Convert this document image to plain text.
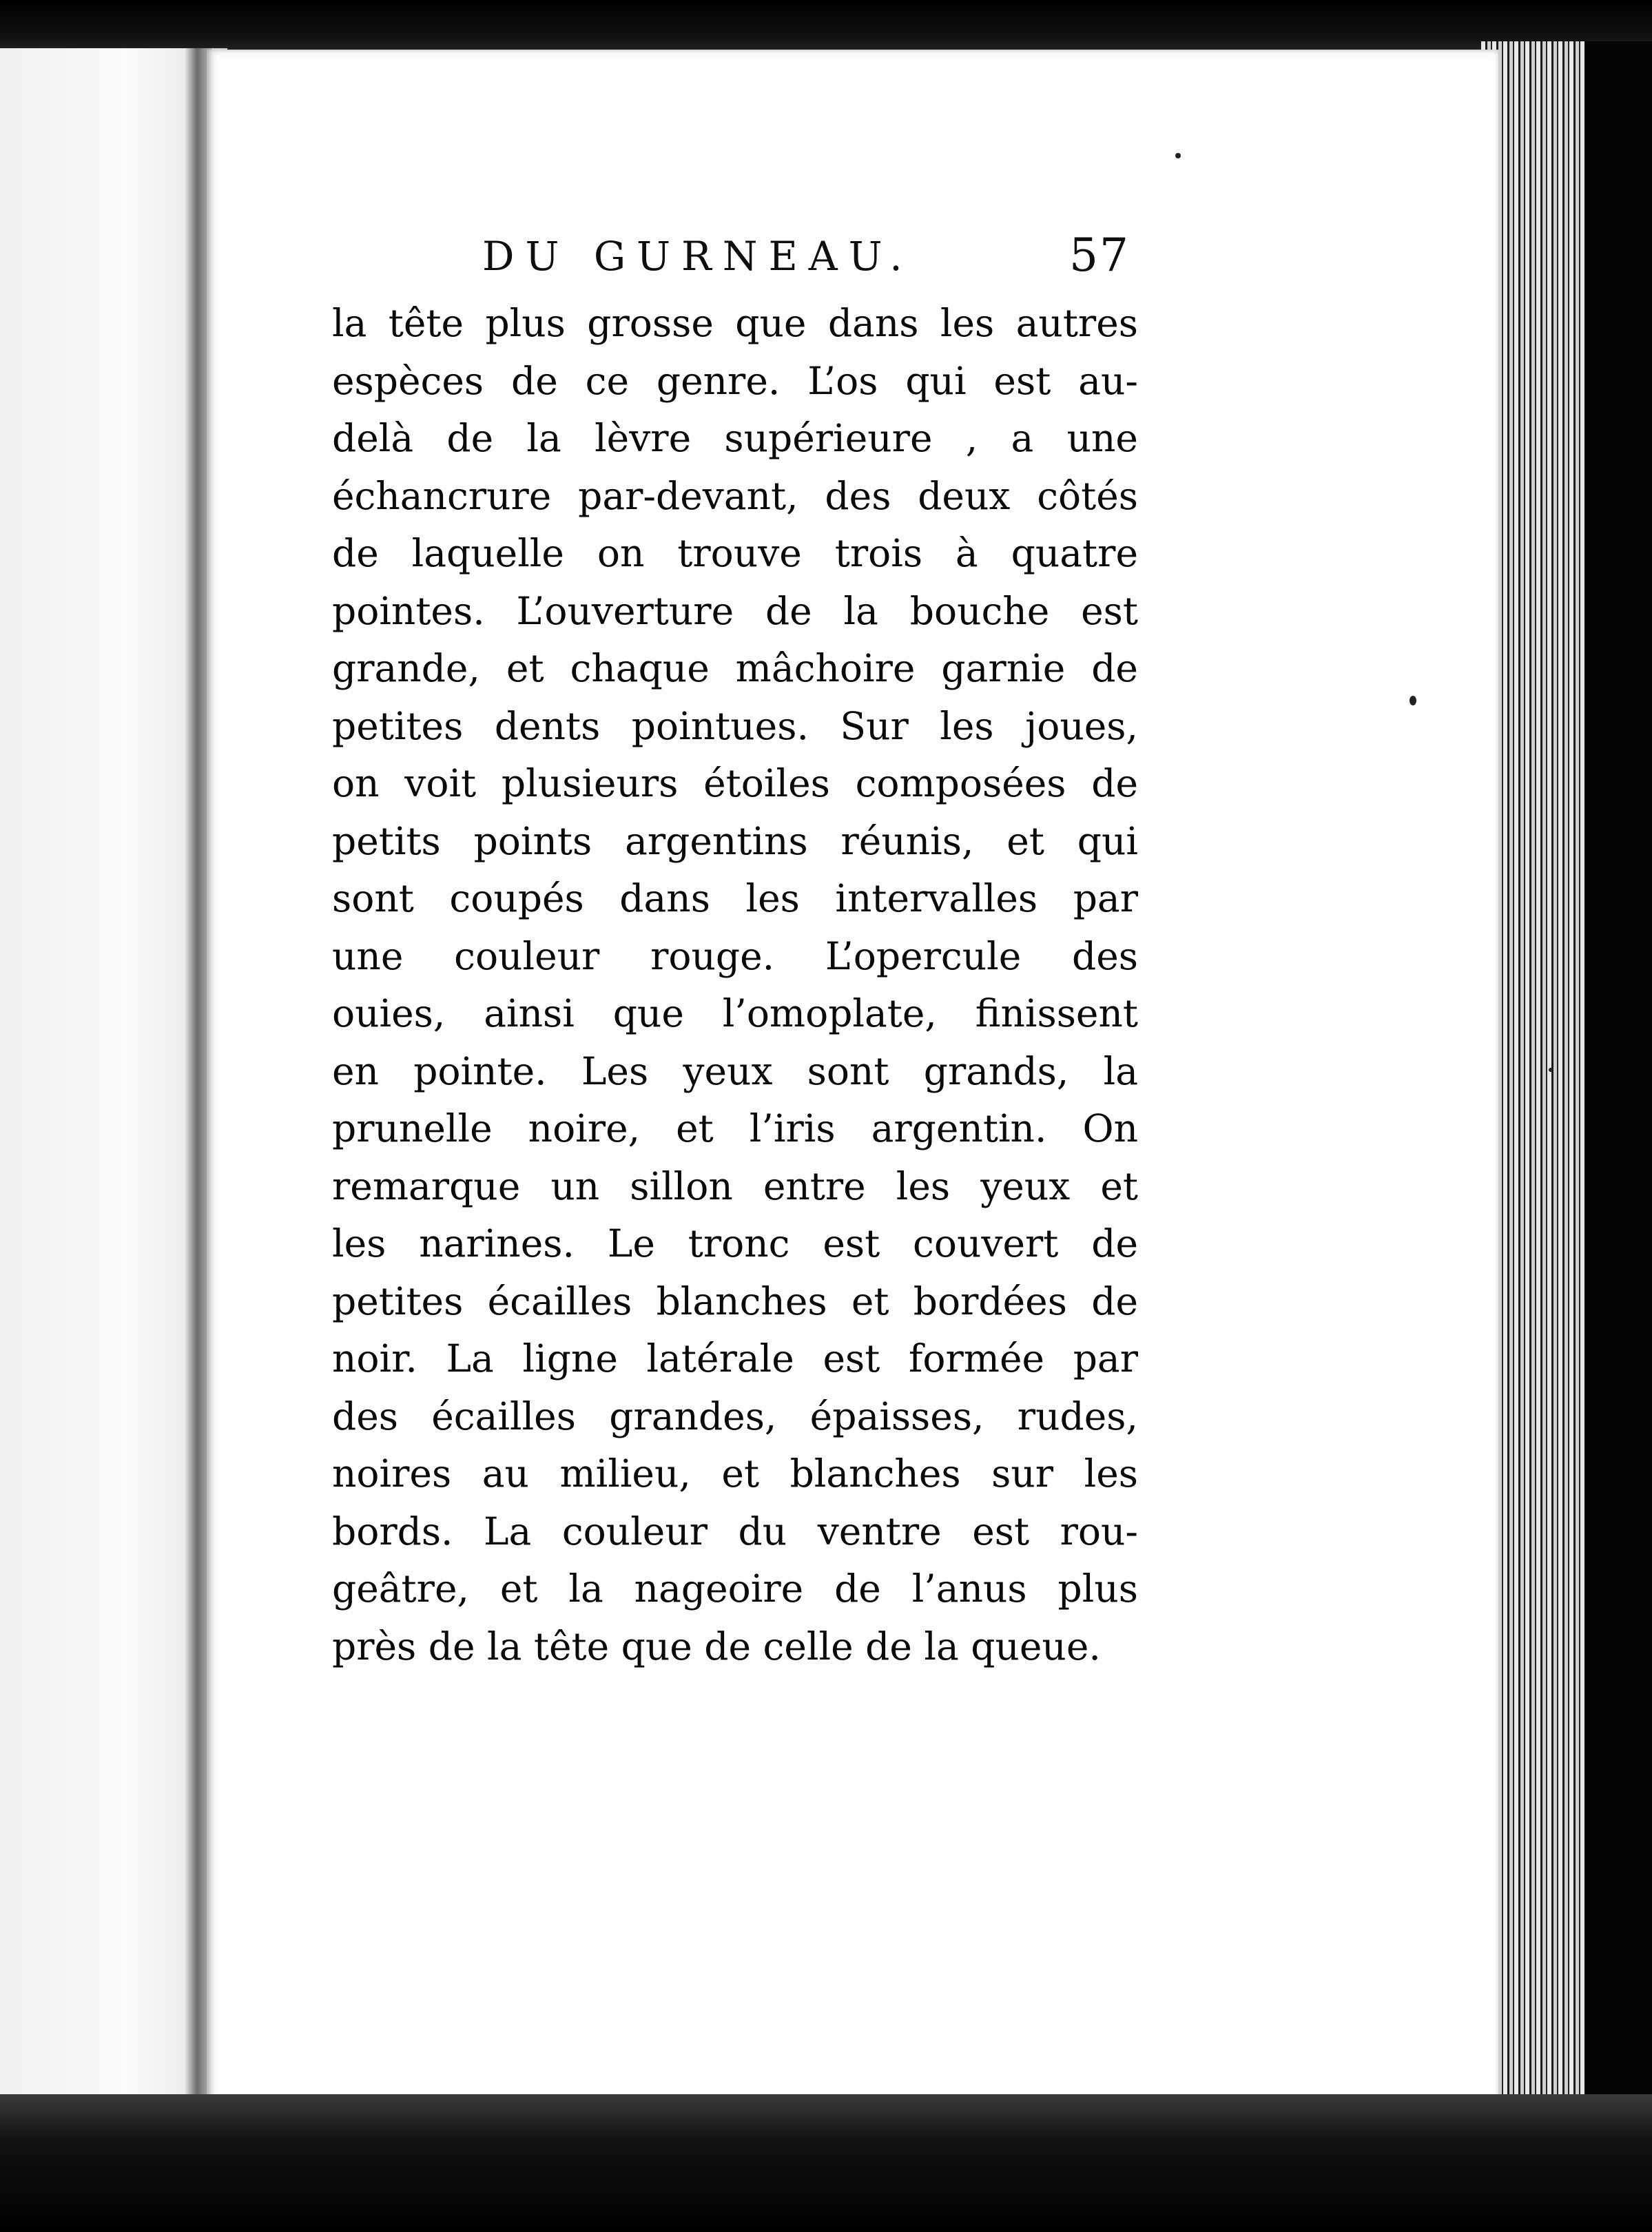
DU GURNEAU.	57
la tête plus grosse que dans les autres
espèces de ce genre. L’os qui est au-
delà de la lèvre supérieure , a une
échancrure par-devant, des deux côtés
de laquelle on trouve trois à quatre
pointes. L’ouverture de la bouche est
grande, et chaque mâchoire garnie de
petites dents pointues. Sur les joues,
on voit plusieurs étoiles composées de
petits points argentins réunis, et qui
sont coupés dans les intervalles par
une couleur rouge. L’opercule des
ouies, ainsi que l’omoplate, finissent
en pointe. Les yeux sont grands, la
prunelle noire, et l’iris argentin. On
remarque un sillon entre les yeux et
les narines. Le tronc est couvert de
petites écailles blanches et bordées de
noir. La ligne latérale est formée par
des écailles grandes, épaisses, rudes,
noires au milieu, et blanches sur les
bords. La couleur du ventre est rou-
geâtre, et la nageoire de l’anus plus
près de la tête que de celle de la queue.
